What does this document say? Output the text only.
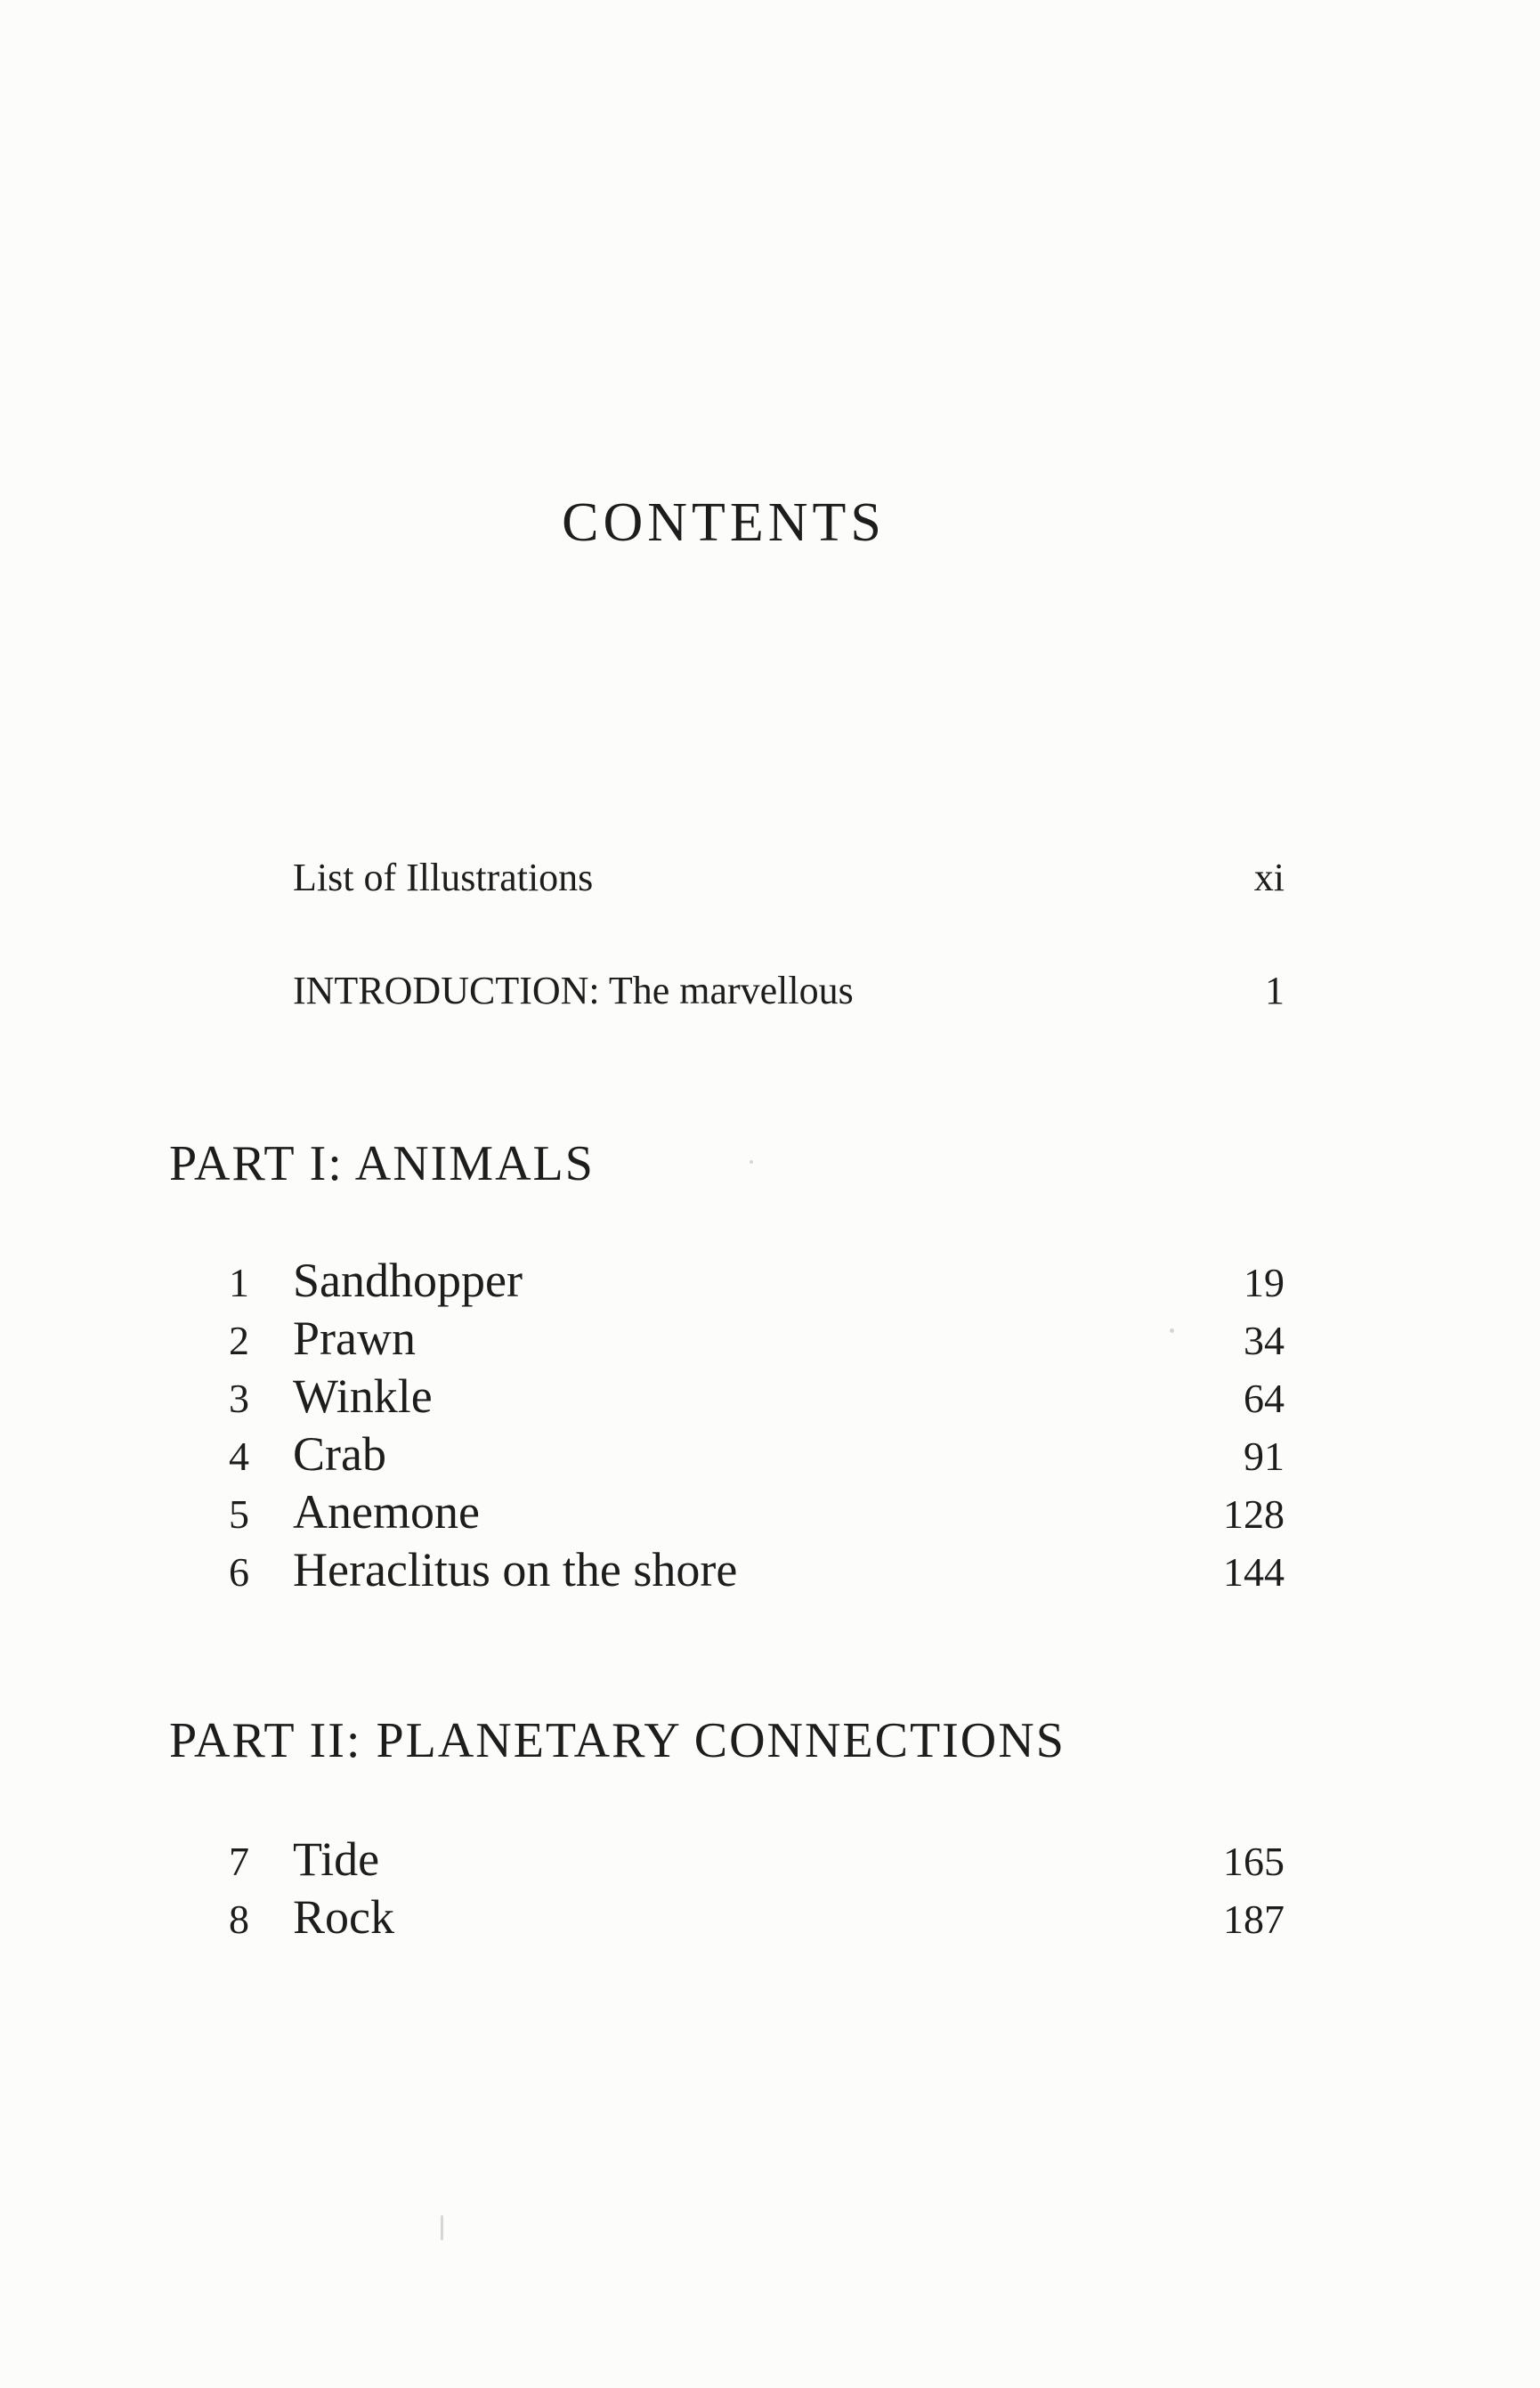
CONTENTS
List of Illustrations	xi
INTRODUCTION: The marvellous	1
PART I: ANIMALS
1 Sandhopper	19
2 Prawn	34
3 Winkle	64
4 Crab	91
5 Anemone	128
6 Heraclitus on the shore	144
PART II: PLANETARY CONNECTIONS
7 Tide	165
8 Rock	187
